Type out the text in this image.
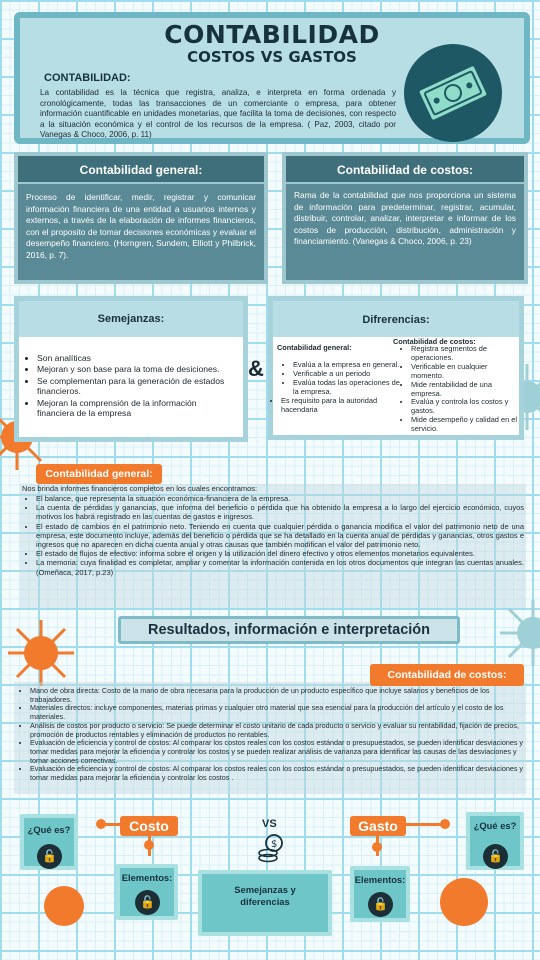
CONTABILIDAD
COSTOS VS GASTOS
CONTABILIDAD:
La contabilidad es la técnica que registra, analiza, e interpreta en forma ordenada y cronológicamente, todas las transacciones de un comerciante o empresa, para obtener información cuantificable en unidades monetarias, que facilita la toma de decisiones, con respecto a la situación económica y el control de los recursos de la empresa. ( Paz, 2003, citado por Vanegas & Choco, 2006, p. 11)
Contabilidad general:
Proceso de identificar, medir, registrar y comunicar información financiera de una entidad a usuarios internos y externos, a través de la elaboración de informes financieros, con el proposito de tomar decisiones económicas y evaluar el desempeño financiero. (Horngren, Sundem, Elliott y Philbrick, 2016, p. 7).
Contabilidad de costos:
Rama de la contabilidad que nos proporciona un sistema de información para predeterminar, registrar, acumular, distribuir, controlar, analizar, interpretar e informar de los costos de producción, distribución, administración y financiamiento. (Vanegas & Choco, 2006, p. 23)
Semejanzas:
• Son analíticas
• Mejoran y son base para la toma de desiciones.
• Se complementan para la generación de estados financieros.
• Mejoran la comprensión de la información financiera de la empresa
&
Difrerencias:
Contabilidad general:
• Evalúa a la empresa en general.
• Verificable a un periodo
• Evalúa todas las operaciones de la empresa.
• Es requisito para la autoridad hacendaria
Contabilidad de costos:
• Registra segmentos de operaciones.
• Verificable en cualquier momento.
• Mide rentabilidad de una empresa.
• Evalúa y controla los costos y gastos.
• Mide desempeño y calidad en el servicio.
Contabilidad general:
Nos brinda informes financieros completos en los cuales encontramos:
• El balance, que representa la situación económica-financiera de la empresa.
• La cuenta de pérdidas y ganancias, que informa del beneficio o pérdida que ha obtenido la empresa a lo largo del ejercicio económico, cuyos motivos los habrá registrado en las cuentas de gastos e ingresos.
• El estado de cambios en el patrimonio neto. Teniendo en cuenta que cualquier pérdida o ganancia modifica el valor del patrimonio neto de una empresa, este documento incluye, además del beneficio o pérdida que se ha detallado en la cuenta anual de pérdidas y ganancias, otros gastos e ingresos que no aparecen en dicha cuenta anual y otras causas que también modifican el valor del patrimonio neto.
• El estado de flujos de efectivo: informa sobre el origen y la utilización del dinero efectivo y otros elementos monetarios equivalentes.
• La memoria: cuya finalidad es completar, ampliar y comentar la información contenida en los otros documentos que integran las cuentas anuales. (Omeñaca, 2017, p.23)
Resultados, información e interpretación
Contabilidad de costos:
• Mano de obra directa: Costo de la mano de obra necesaria para la producción de un producto específico que incluye salarios y beneficios de los trabajadores.
• Materiales directos: incluye componentes, materias primas y cualquier otro material que sea esencial para la producción del artículo y el costo de los materiales.
• Análisis de costos por producto o servicio: Se puede determinar el costo unitario de cada producto o servicio y evaluar su rentabilidad, fijación de precios, promoción de productos rentables y eliminación de productos no rentables.
• Evaluación de eficiencia y control de costos: Al comparar los costos reales con los costos estándar o presupuestados, se pueden identificar desviaciones y tomar medidas para mejorar la eficiencia y controlar los costos y se pueden realizar análisis de varianza para identificar las causas de las desviaciones y tomar acciones correctivas.
• Evaluación de eficiencia y control de costos: Al comparar los costos reales con los costos estándar o presupuestados, se pueden identificar desviaciones y tomar medidas para mejorar la eficiencia y controlar los costos .
¿Qué es?
🔓
Costo
Elementos:
🔓
VS
$
Semejanzas y diferencias
Gasto
Elementos:
🔓
¿Qué es?
🔓
